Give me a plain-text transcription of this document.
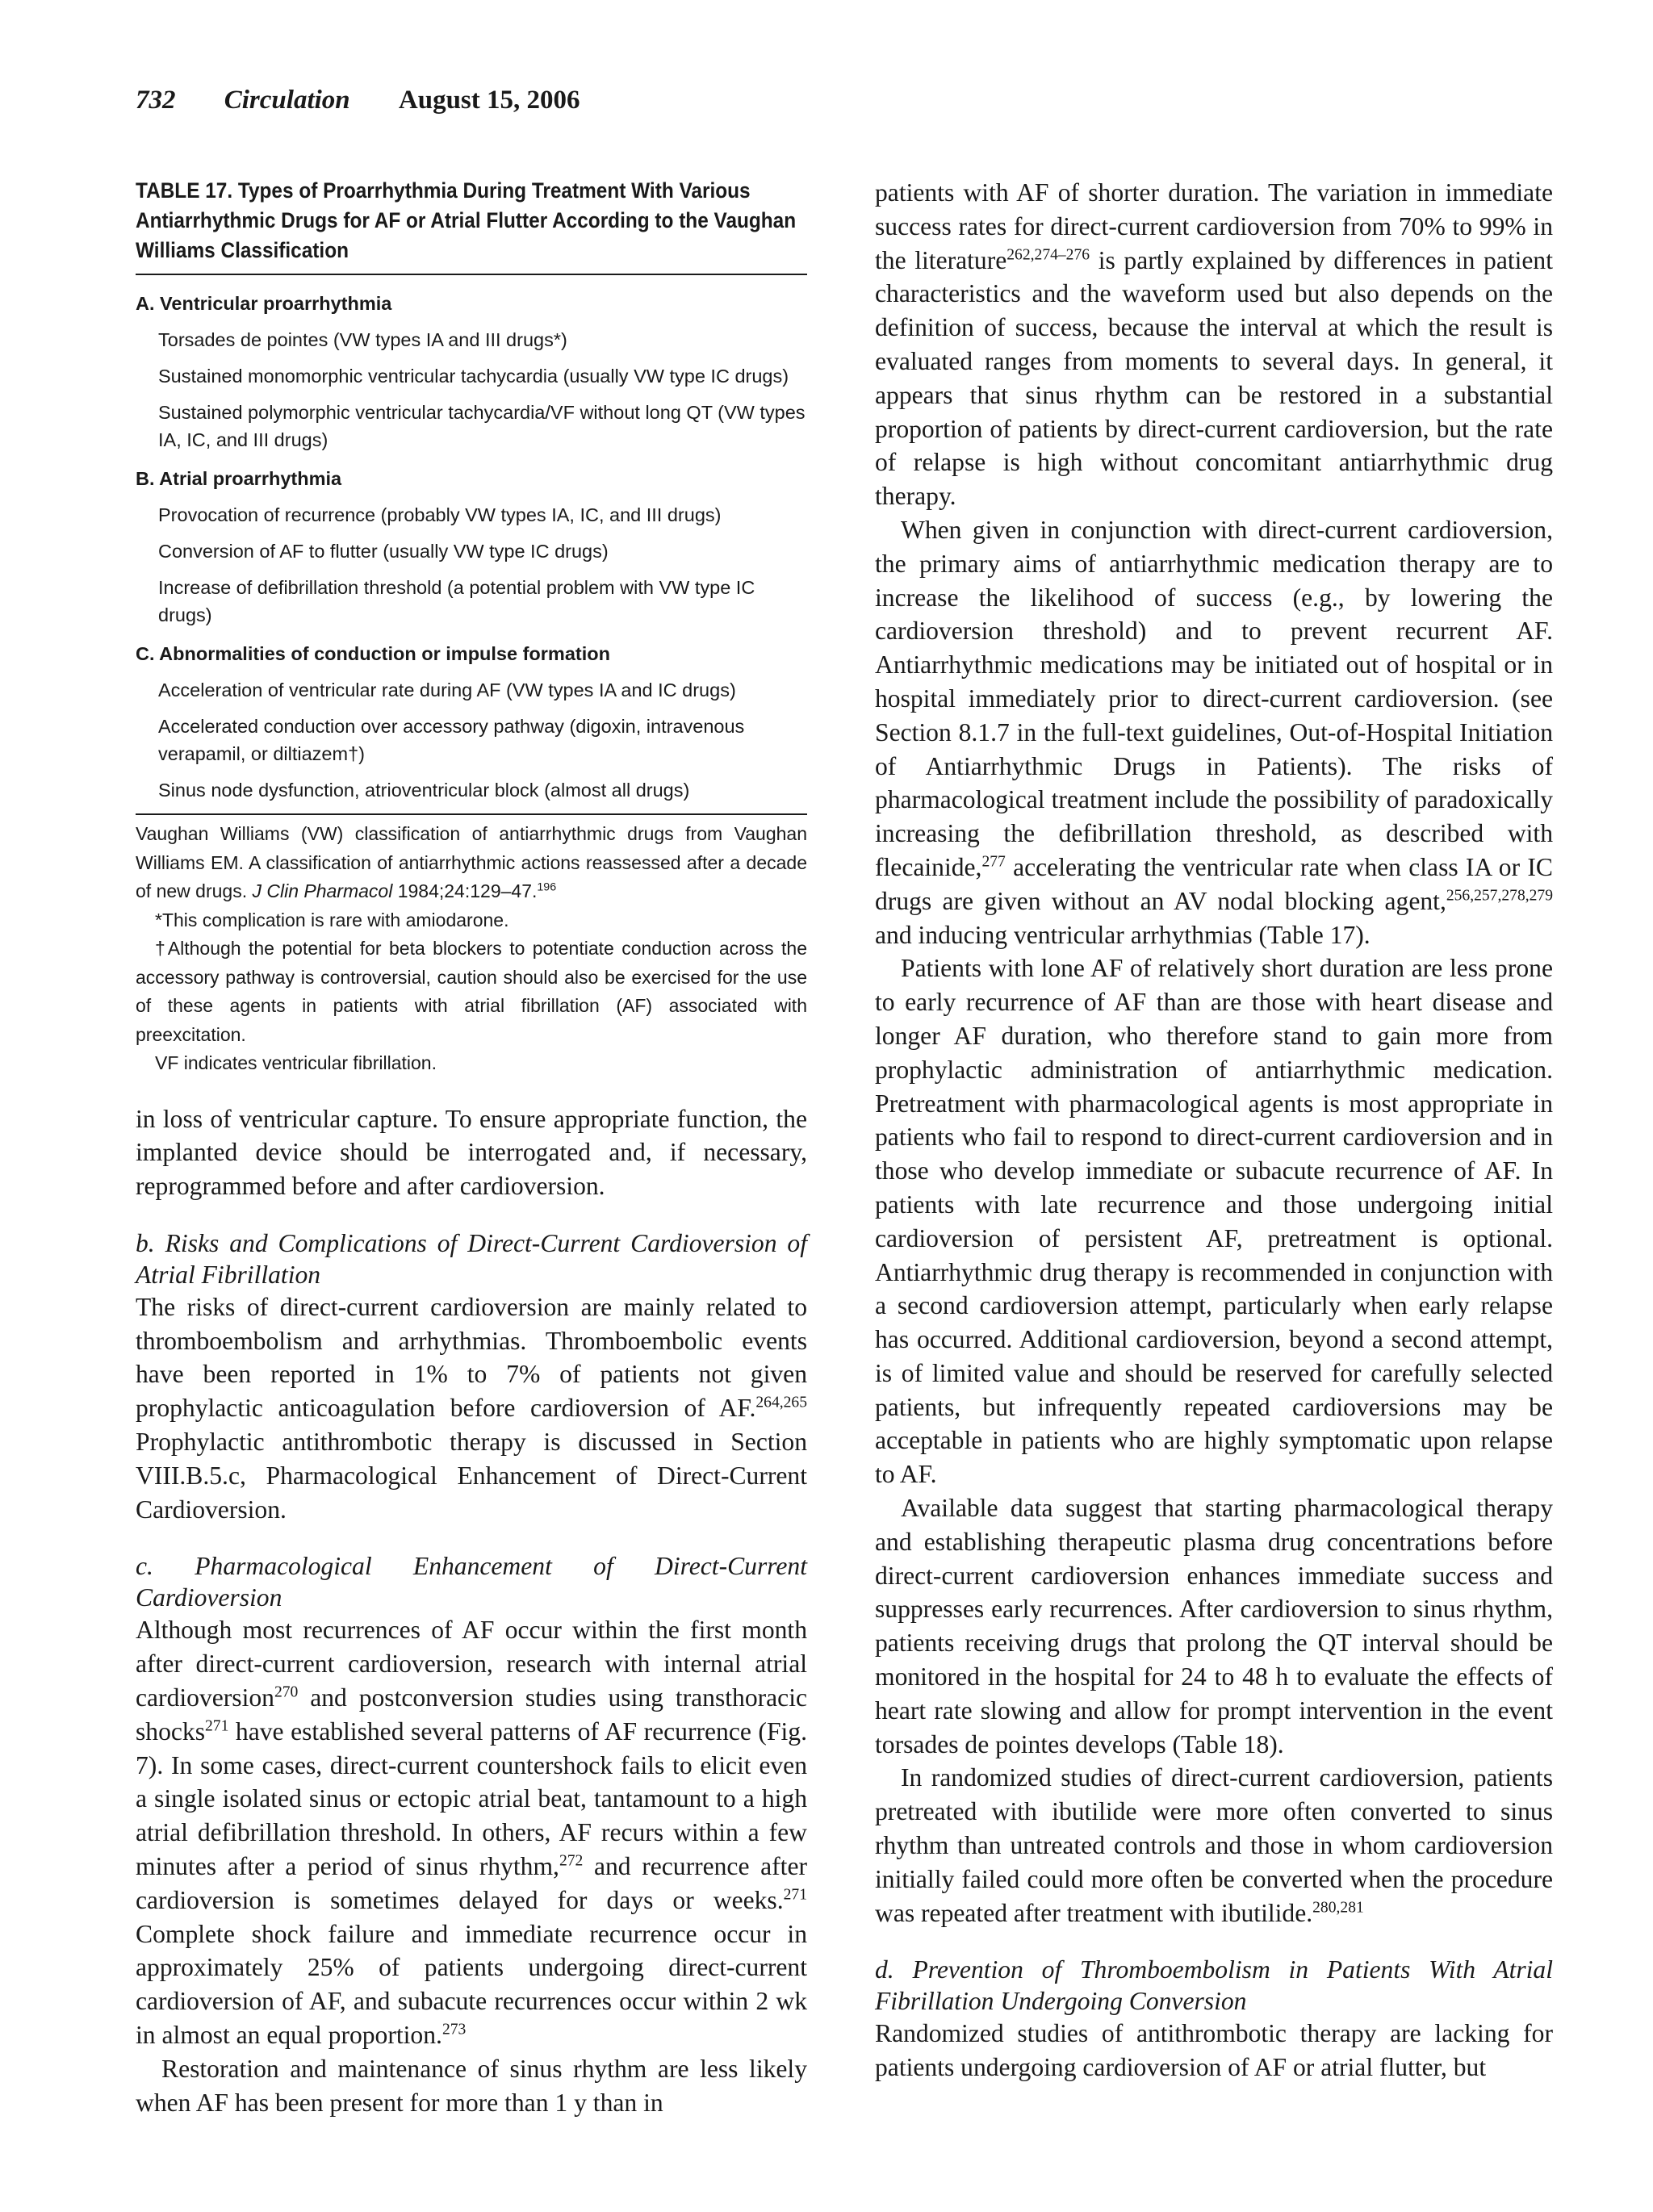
732 Circulation August 15, 2006

TABLE 17. Types of Proarrhythmia During Treatment With Various Antiarrhythmic Drugs for AF or Atrial Flutter According to the Vaughan Williams Classification

A. Ventricular proarrhythmia
Torsades de pointes (VW types IA and III drugs*)
Sustained monomorphic ventricular tachycardia (usually VW type IC drugs)
Sustained polymorphic ventricular tachycardia/VF without long QT (VW types IA, IC, and III drugs)
B. Atrial proarrhythmia
Provocation of recurrence (probably VW types IA, IC, and III drugs)
Conversion of AF to flutter (usually VW type IC drugs)
Increase of defibrillation threshold (a potential problem with VW type IC drugs)
C. Abnormalities of conduction or impulse formation
Acceleration of ventricular rate during AF (VW types IA and IC drugs)
Accelerated conduction over accessory pathway (digoxin, intravenous verapamil, or diltiazem†)
Sinus node dysfunction, atrioventricular block (almost all drugs)

Vaughan Williams (VW) classification of antiarrhythmic drugs from Vaughan Williams EM. A classification of antiarrhythmic actions reassessed after a decade of new drugs. J Clin Pharmacol 1984;24:129–47.$^{196}$

*This complication is rare with amiodarone.

†Although the potential for beta blockers to potentiate conduction across the accessory pathway is controversial, caution should also be exercised for the use of these agents in patients with atrial fibrillation (AF) associated with preexcitation.

VF indicates ventricular fibrillation.

in loss of ventricular capture. To ensure appropriate function, the implanted device should be interrogated and, if necessary, reprogrammed before and after cardioversion.

b. Risks and Complications of Direct-Current Cardioversion of Atrial Fibrillation

The risks of direct-current cardioversion are mainly related to thromboembolism and arrhythmias. Thromboembolic events have been reported in 1% to 7% of patients not given prophylactic anticoagulation before cardioversion of AF.$^{264,265}$ Prophylactic antithrombotic therapy is discussed in Section VIII.B.5.c, Pharmacological Enhancement of Direct-Current Cardioversion.

c. Pharmacological Enhancement of Direct-Current Cardioversion

Although most recurrences of AF occur within the first month after direct-current cardioversion, research with internal atrial cardioversion$^{270}$ and postconversion studies using transthoracic shocks$^{271}$ have established several patterns of AF recurrence (Fig. 7). In some cases, direct-current countershock fails to elicit even a single isolated sinus or ectopic atrial beat, tantamount to a high atrial defibrillation threshold. In others, AF recurs within a few minutes after a period of sinus rhythm,$^{272}$ and recurrence after cardioversion is sometimes delayed for days or weeks.$^{271}$ Complete shock failure and immediate recurrence occur in approximately 25% of patients undergoing direct-current cardioversion of AF, and subacute recurrences occur within 2 wk in almost an equal proportion.$^{273}$

Restoration and maintenance of sinus rhythm are less likely when AF has been present for more than 1 y than in

patients with AF of shorter duration. The variation in immediate success rates for direct-current cardioversion from 70% to 99% in the literature$^{262,274-276}$ is partly explained by differences in patient characteristics and the waveform used but also depends on the definition of success, because the interval at which the result is evaluated ranges from moments to several days. In general, it appears that sinus rhythm can be restored in a substantial proportion of patients by direct-current cardioversion, but the rate of relapse is high without concomitant antiarrhythmic drug therapy.

When given in conjunction with direct-current cardioversion, the primary aims of antiarrhythmic medication therapy are to increase the likelihood of success (e.g., by lowering the cardioversion threshold) and to prevent recurrent AF. Antiarrhythmic medications may be initiated out of hospital or in hospital immediately prior to direct-current cardioversion. (see Section 8.1.7 in the full-text guidelines, Out-of-Hospital Initiation of Antiarrhythmic Drugs in Patients). The risks of pharmacological treatment include the possibility of paradoxically increasing the defibrillation threshold, as described with flecainide,$^{277}$ accelerating the ventricular rate when class IA or IC drugs are given without an AV nodal blocking agent,$^{256,257,278,279}$ and inducing ventricular arrhythmias (Table 17).

Patients with lone AF of relatively short duration are less prone to early recurrence of AF than are those with heart disease and longer AF duration, who therefore stand to gain more from prophylactic administration of antiarrhythmic medication. Pretreatment with pharmacological agents is most appropriate in patients who fail to respond to direct-current cardioversion and in those who develop immediate or subacute recurrence of AF. In patients with late recurrence and those undergoing initial cardioversion of persistent AF, pretreatment is optional. Antiarrhythmic drug therapy is recommended in conjunction with a second cardioversion attempt, particularly when early relapse has occurred. Additional cardioversion, beyond a second attempt, is of limited value and should be reserved for carefully selected patients, but infrequently repeated cardioversions may be acceptable in patients who are highly symptomatic upon relapse to AF.

Available data suggest that starting pharmacological therapy and establishing therapeutic plasma drug concentrations before direct-current cardioversion enhances immediate success and suppresses early recurrences. After cardioversion to sinus rhythm, patients receiving drugs that prolong the QT interval should be monitored in the hospital for 24 to 48 h to evaluate the effects of heart rate slowing and allow for prompt intervention in the event torsades de pointes develops (Table 18).

In randomized studies of direct-current cardioversion, patients pretreated with ibutilide were more often converted to sinus rhythm than untreated controls and those in whom cardioversion initially failed could more often be converted when the procedure was repeated after treatment with ibutilide.$^{280,281}$

d. Prevention of Thromboembolism in Patients With Atrial Fibrillation Undergoing Conversion

Randomized studies of antithrombotic therapy are lacking for patients undergoing cardioversion of AF or atrial flutter, but
